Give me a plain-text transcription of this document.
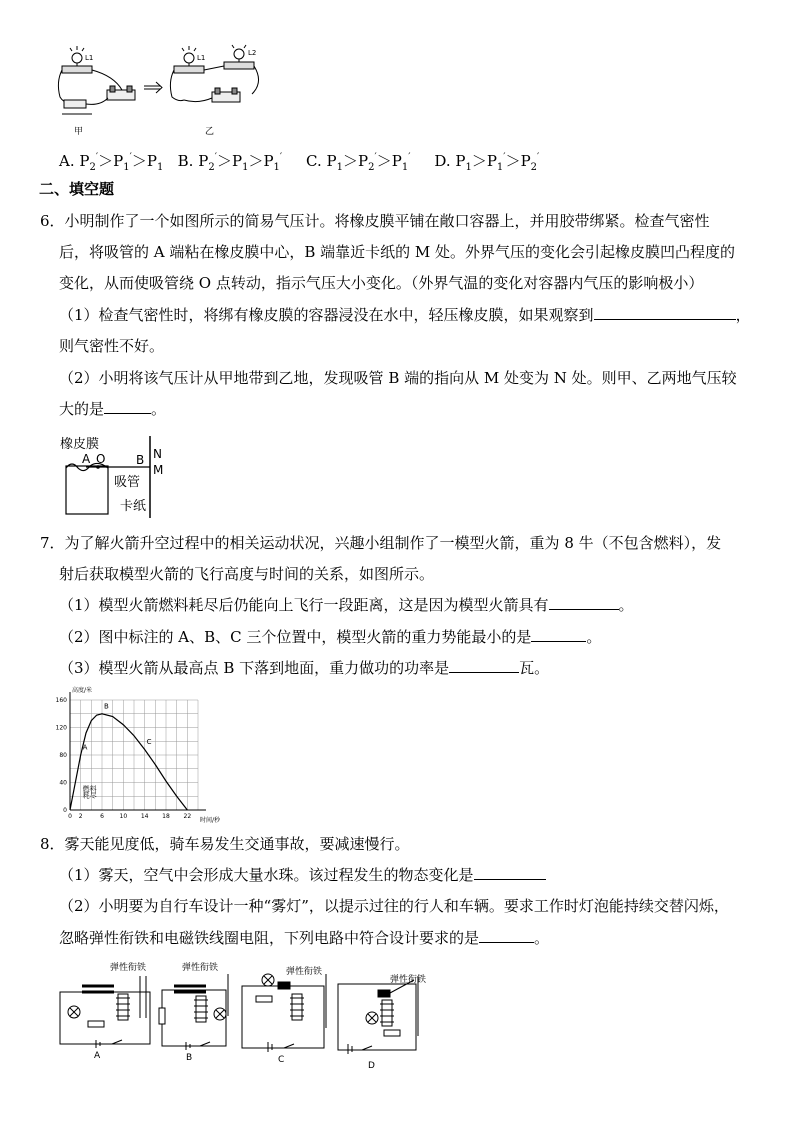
L1
甲
L1
L2
乙
A. $P_2'>P_1'>P_1$ B. $P_2'>P_1>P_1'$ C. $P_1>P_2'>P_1'$ D. $P_1>P_1'>P_2'$
二、填空题
6．小明制作了一个如图所示的简易气压计。将橡皮膜平铺在敞口容器上，并用胶带绑紧。检查气密性
后，将吸管的 A 端粘在橡皮膜中心，B 端靠近卡纸的 M 处。外界气压的变化会引起橡皮膜凹凸程度的
变化，从而使吸管绕 O 点转动，指示气压大小变化。（外界气温的变化对容器内气压的影响极小）
（1）检查气密性时，将绑有橡皮膜的容器浸没在水中，轻压橡皮膜，如果观察到	，
则气密性不好。
（2）小明将该气压计从甲地带到乙地，发现吸管 B 端的指向从 M 处变为 N 处。则甲、乙两地气压较
大的是	。
橡皮膜
A O	B N
M
吸管
卡纸
7．为了解火箭升空过程中的相关运动状况，兴趣小组制作了一模型火箭，重为 8 牛（不包含燃料），发
射后获取模型火箭的飞行高度与时间的关系，如图所示。
（1）模型火箭燃料耗尽后仍能向上飞行一段距离，这是因为模型火箭具有	。
（2）图中标注的 A、B、C 三个位置中，模型火箭的重力势能最小的是	。
（3）模型火箭从最高点 B 下落到地面，重力做功的功率是	瓦。
0 2	6	10 14 18 22
0
40
80
120
160
高度/米
时间/秒
A
B
C
燃料
耗尽
8．雾天能见度低，骑车易发生交通事故，要减速慢行。
（1）雾天，空气中会形成大量水珠。该过程发生的物态变化是
（2）小明要为自行车设计一种“雾灯”，以提示过往的行人和车辆。要求工作时灯泡能持续交替闪烁，
忽略弹性衔铁和电磁铁线圈电阻，下列电路中符合设计要求的是	。
弹性衔铁	弹性衔铁	弹性衔铁
弹性衔铁
A	B	C
D
